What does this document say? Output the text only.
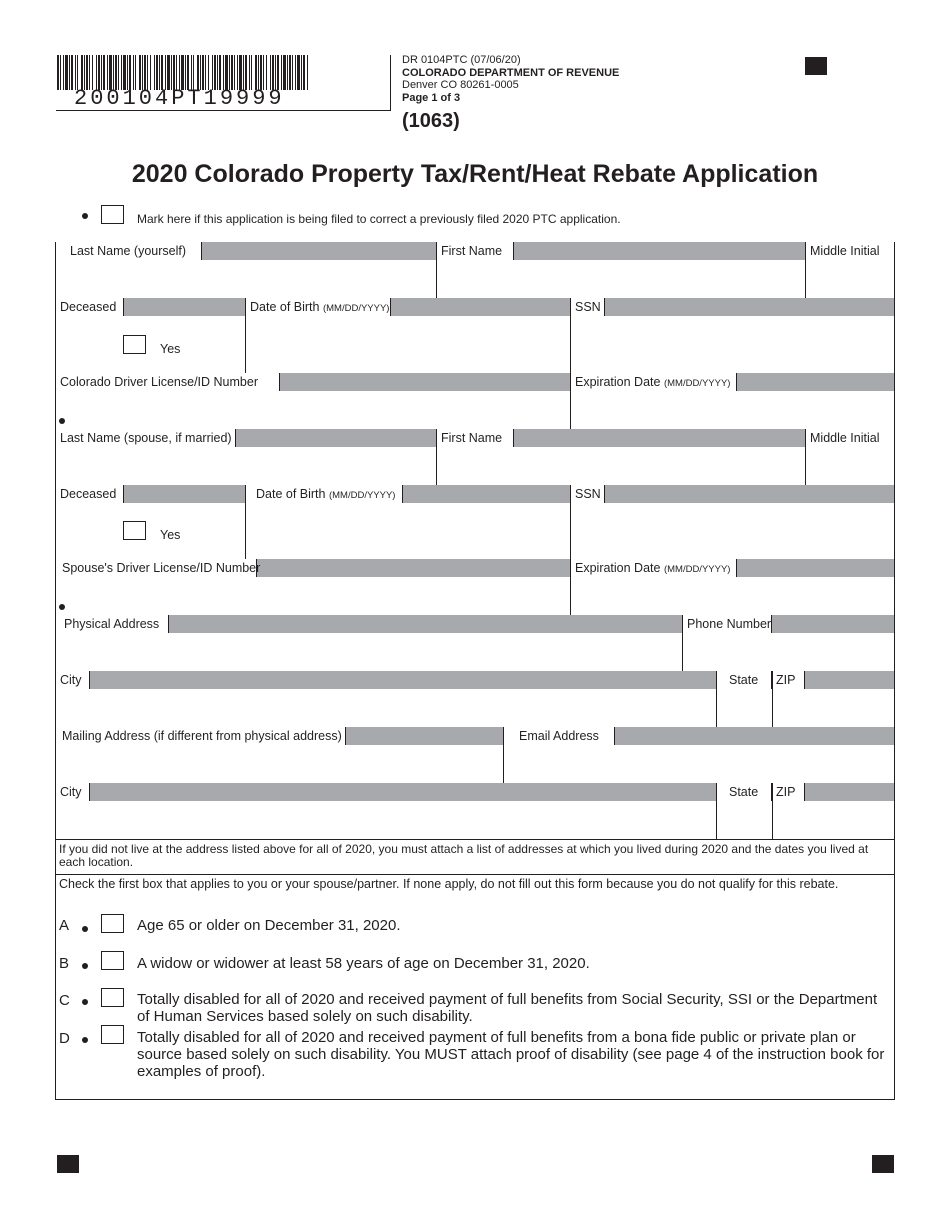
200104PT19999
DR 0104PTC (07/06/20)
COLORADO DEPARTMENT OF REVENUE
Denver CO 80261-0005
Page 1 of 3
(1063)
2020 Colorado Property Tax/Rent/Heat Rebate Application
Mark here if this application is being filed to correct a previously filed 2020 PTC application.
Last Name (yourself)	First Name	Middle Initial
Deceased	Date of Birth (MM/DD/YYYY)	SSN
Yes
Colorado Driver License/ID Number	Expiration Date (MM/DD/YYYY)
Last Name (spouse, if married)	First Name	Middle Initial
Deceased	Date of Birth (MM/DD/YYYY)	SSN
Yes
Spouse's Driver License/ID Number	Expiration Date (MM/DD/YYYY)
Physical Address	Phone Number
City	State	ZIP
Mailing Address (if different from physical address)	Email Address
City	State	ZIP
If you did not live at the address listed above for all of 2020, you must attach a list of addresses at which you lived during 2020 and the dates you lived at each location.
Check the first box that applies to you or your spouse/partner. If none apply, do not fill out this form because you do not qualify for this rebate.
A	Age 65 or older on December 31, 2020.
B	A widow or widower at least 58 years of age on December 31, 2020.
C	Totally disabled for all of 2020 and received payment of full benefits from Social Security, SSI or the Department of Human Services based solely on such disability.
D	Totally disabled for all of 2020 and received payment of full benefits from a bona fide public or private plan or source based solely on such disability. You MUST attach proof of disability (see page 4 of the instruction book for examples of proof).
